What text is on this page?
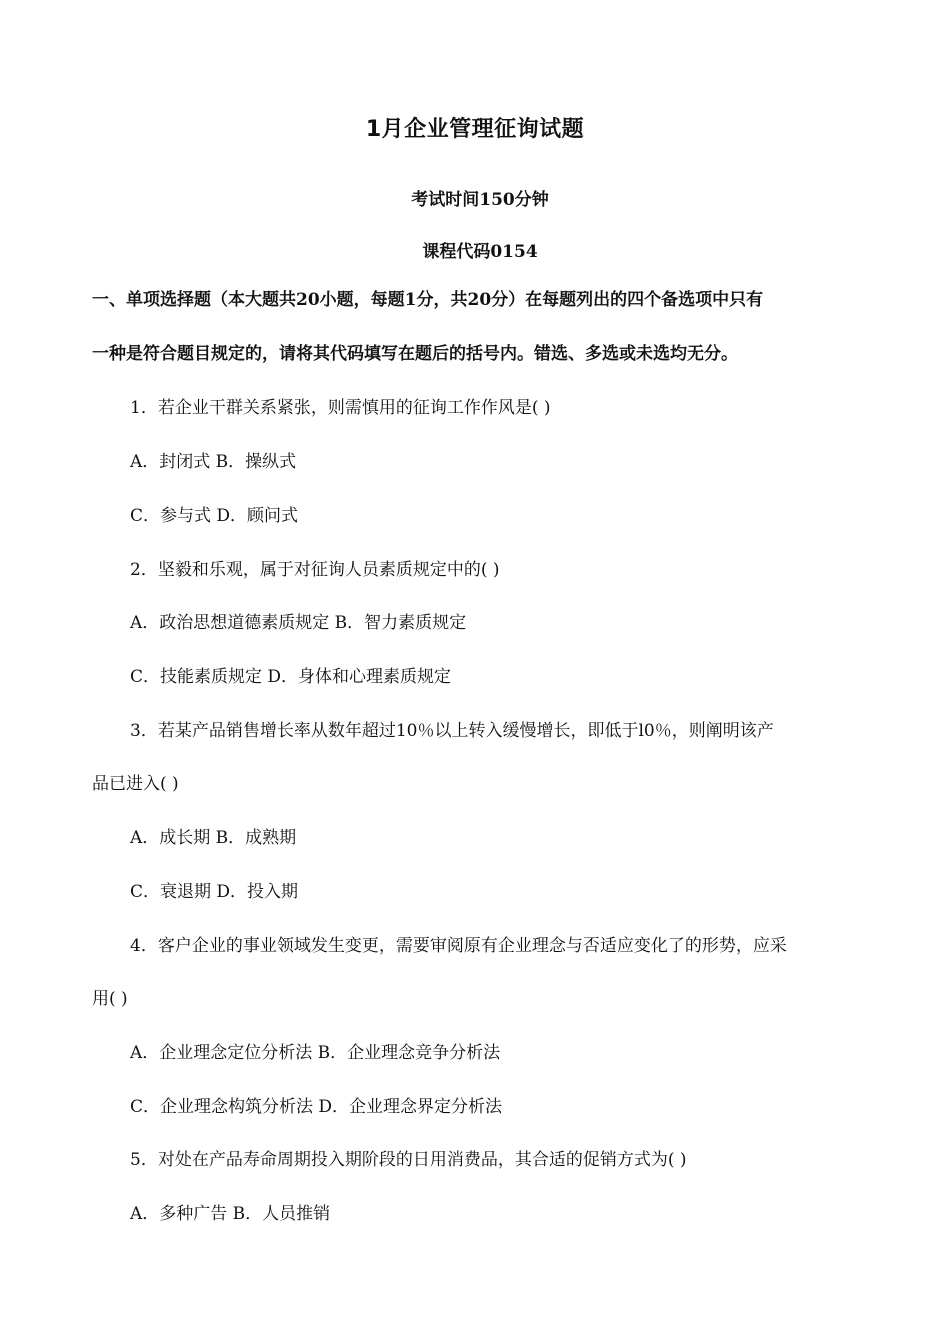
1月企业管理征询试题
考试时间150分钟
课程代码0154
一、单项选择题（本大题共20小题，每题1分，共20分）在每题列出的四个备选项中只有
一种是符合题目规定的，请将其代码填写在题后的括号内。错选、多选或未选均无分。
1．若企业干群关系紧张，则需慎用的征询工作作风是( )
A．封闭式 B．操纵式
C．参与式 D．顾问式
2．坚毅和乐观，属于对征询人员素质规定中的( )
A．政治思想道德素质规定 B．智力素质规定
C．技能素质规定 D．身体和心理素质规定
3．若某产品销售增长率从数年超过10％以上转入缓慢增长，即低于l0％，则阐明该产
品已进入( )
A．成长期 B．成熟期
C．衰退期 D．投入期
4．客户企业的事业领域发生变更，需要审阅原有企业理念与否适应变化了的形势，应采
用( )
A．企业理念定位分析法 B．企业理念竞争分析法
C．企业理念构筑分析法 D．企业理念界定分析法
5．对处在产品寿命周期投入期阶段的日用消费品，其合适的促销方式为( )
A．多种广告 B．人员推销
